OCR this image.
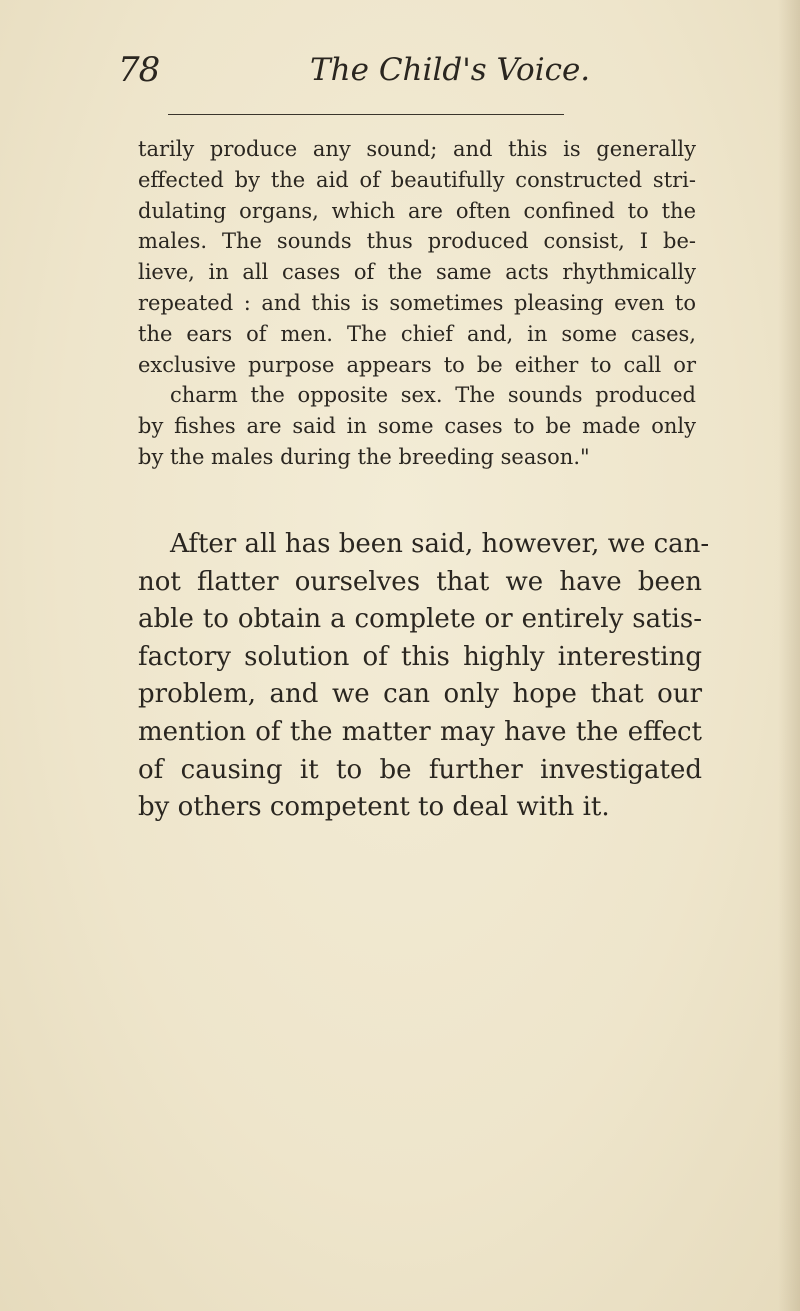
78	The Child's Voice.
tarily produce any sound; and this is generally
effected by the aid of beautifully constructed stri-
dulating organs, which are often confined to the
males. The sounds thus produced consist, I be-
lieve, in all cases of the same acts rhythmically
repeated : and this is sometimes pleasing even to
the ears of men. The chief and, in some cases,
exclusive purpose appears to be either to call or
charm the opposite sex. The sounds produced
by fishes are said in some cases to be made only
by the males during the breeding season."
After all has been said, however, we can-
not flatter ourselves that we have been
able to obtain a complete or entirely satis-
factory solution of this highly interesting
problem, and we can only hope that our
mention of the matter may have the effect
of causing it to be further investigated
by others competent to deal with it.
